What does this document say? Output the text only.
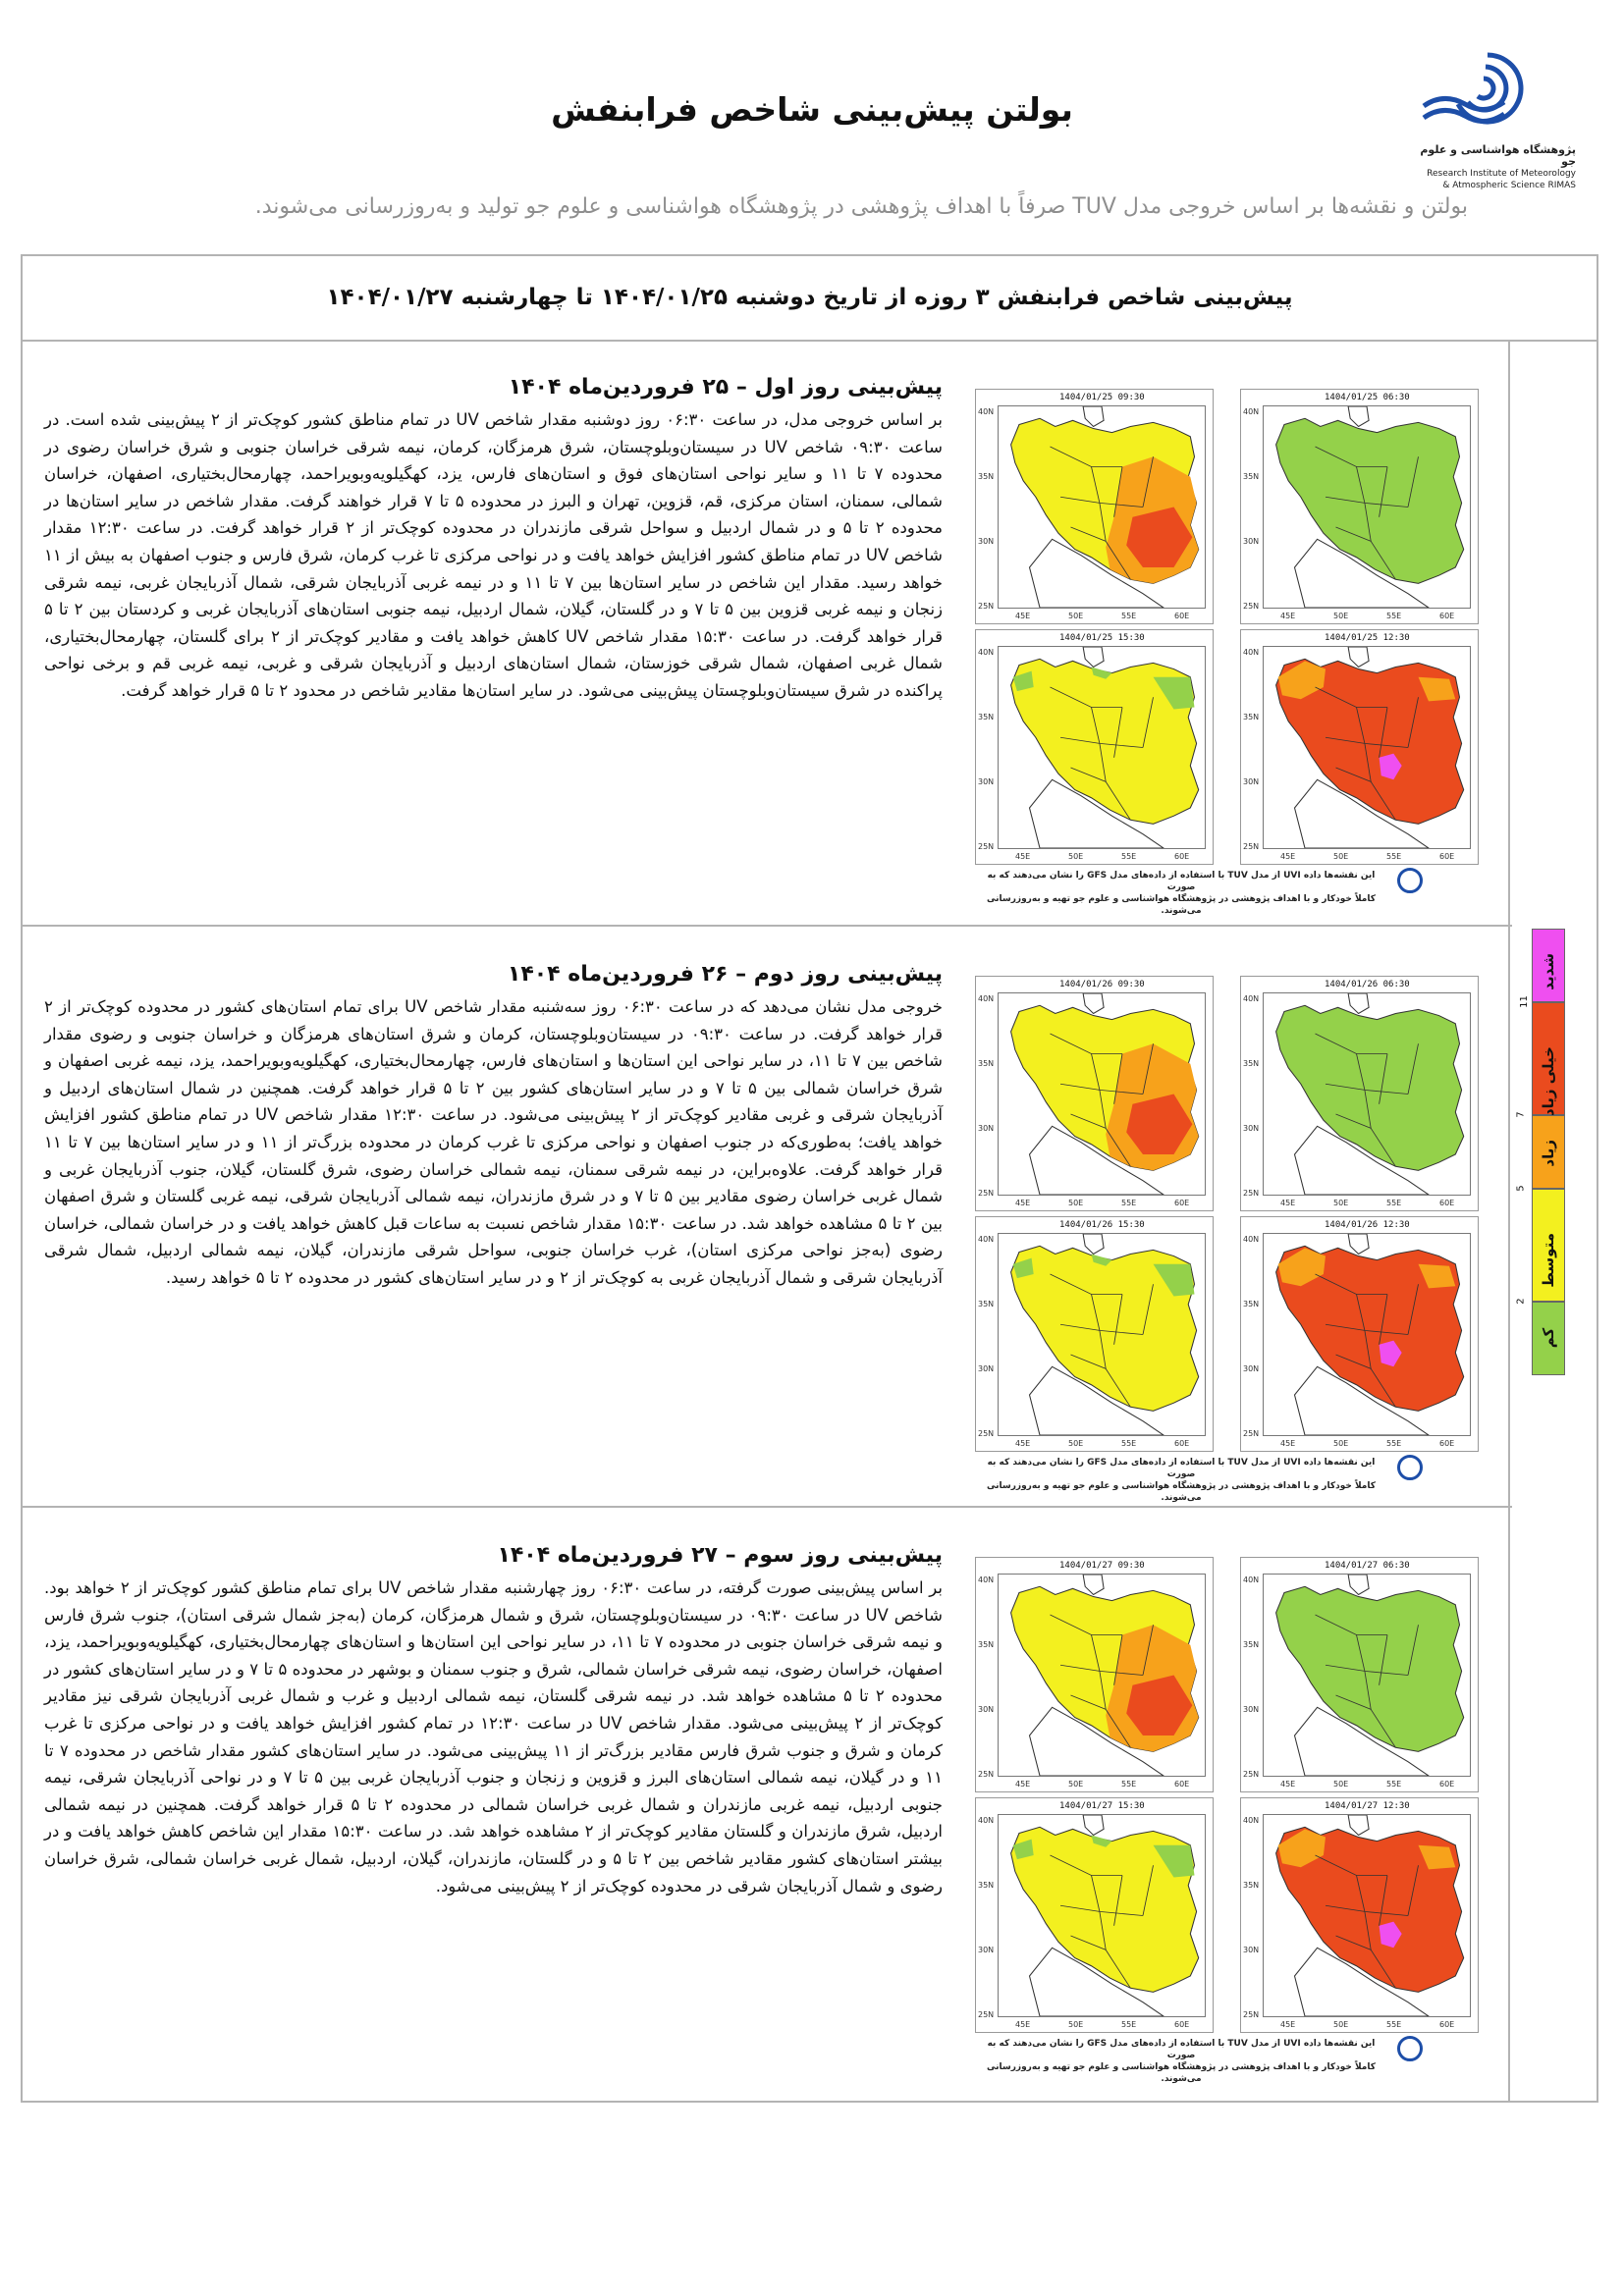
پژوهشگاه هواشناسی و علوم جو
Research Institute of Meteorology
& Atmospheric Science RIMAS
بولتن پیش‌بینی شاخص فرابنفش
بولتن و نقشه‌ها بر اساس خروجی مدل TUV صرفاً با اهداف پژوهشی در پژوهشگاه هواشناسی و علوم جو تولید و به‌روزرسانی می‌شوند.
پیش‌بینی شاخص فرابنفش ۳ روزه از تاریخ دوشنبه ۱۴۰۴/۰۱/۲۵ تا چهارشنبه ۱۴۰۴/۰۱/۲۷
پیش‌بینی روز اول – ۲۵ فروردین‌ماه ۱۴۰۴
بر اساس خروجی مدل، در ساعت ۰۶:۳۰ روز دوشنبه مقدار شاخص UV در تمام مناطق کشور کوچک‌تر از ۲ پیش‌بینی شده است. در ساعت ۰۹:۳۰ شاخص UV در سیستان‌وبلوچستان، شرق هرمزگان، کرمان، نیمه شرقی خراسان جنوبی و شرق خراسان رضوی در محدوده ۷ تا ۱۱ و سایر نواحی استان‌های فوق و استان‌های فارس، یزد، کهگیلویه‌وبویراحمد، چهارمحال‌بختیاری، اصفهان، خراسان شمالی، سمنان، استان مرکزی، قم، قزوین، تهران و البرز در محدوده ۵ تا ۷ قرار خواهند گرفت. مقدار شاخص در سایر استان‌ها در محدوده ۲ تا ۵ و در شمال اردبیل و سواحل شرقی مازندران در محدوده کوچک‌تر از ۲ قرار خواهد گرفت. در ساعت ۱۲:۳۰ مقدار شاخص UV در تمام مناطق کشور افزایش خواهد یافت و در نواحی مرکزی تا غرب کرمان، شرق فارس و جنوب اصفهان به بیش از ۱۱ خواهد رسید. مقدار این شاخص در سایر استان‌ها بین ۷ تا ۱۱ و در نیمه غربی آذربایجان شرقی، شمال آذربایجان غربی، نیمه شرقی زنجان و نیمه غربی قزوین بین ۵ تا ۷ و در گلستان، گیلان، شمال اردبیل، نیمه جنوبی استان‌های آذربایجان غربی و کردستان بین ۲ تا ۵ قرار خواهد گرفت. در ساعت ۱۵:۳۰ مقدار شاخص UV کاهش خواهد یافت و مقادیر کوچک‌تر از ۲ برای گلستان، چهارمحال‌بختیاری، شمال غربی اصفهان، شمال شرقی خوزستان، شمال استان‌های اردبیل و آذربایجان شرقی و غربی، نیمه غربی قم و برخی نواحی پراکنده در شرق سیستان‌وبلوچستان پیش‌بینی می‌شود. در سایر استان‌ها مقادیر شاخص در محدود ۲ تا ۵ قرار خواهد گرفت.
1404/01/25 06:30
40N
35N
30N
25N
45E	50E	55E	60E
1404/01/25 09:30
40N
35N
30N
25N
45E	50E	55E	60E
1404/01/25 12:30
40N
35N
30N
25N
45E	50E	55E	60E
1404/01/25 15:30
40N
35N
30N
25N
45E	50E	55E	60E
این نقشه‌ها داده UVI از مدل TUV با استفاده از داده‌های مدل GFS را نشان می‌دهند که به صورت
کاملاً خودکار و با اهداف پژوهشی در پژوهشگاه هواشناسی و علوم جو تهیه و به‌روزرسانی می‌شوند.
پیش‌بینی روز دوم – ۲۶ فروردین‌ماه ۱۴۰۴
خروجی مدل نشان می‌دهد که در ساعت ۰۶:۳۰ روز سه‌شنبه مقدار شاخص UV برای تمام استان‌های کشور در محدوده کوچک‌تر از ۲ قرار خواهد گرفت. در ساعت ۰۹:۳۰ در سیستان‌وبلوچستان، کرمان و شرق استان‌های هرمزگان و خراسان جنوبی و رضوی مقدار شاخص بین ۷ تا ۱۱، در سایر نواحی این استان‌ها و استان‌های فارس، چهارمحال‌بختیاری، کهگیلویه‌وبویراحمد، یزد، نیمه غربی اصفهان و شرق خراسان شمالی بین ۵ تا ۷ و در سایر استان‌های کشور بین ۲ تا ۵ قرار خواهد گرفت. همچنین در شمال استان‌های اردبیل و آذربایجان شرقی و غربی مقادیر کوچک‌تر از ۲ پیش‌بینی می‌شود. در ساعت ۱۲:۳۰ مقدار شاخص UV در تمام مناطق کشور افزایش خواهد یافت؛ به‌طوری‌که در جنوب اصفهان و نواحی مرکزی تا غرب کرمان در محدوده بزرگ‌تر از ۱۱ و در سایر استان‌ها بین ۷ تا ۱۱ قرار خواهد گرفت. علاوه‌براین، در نیمه شرقی سمنان، نیمه شمالی خراسان رضوی، شرق گلستان، گیلان، جنوب آذربایجان غربی و شمال غربی خراسان رضوی مقادیر بین ۵ تا ۷ و در شرق مازندران، نیمه شمالی آذربایجان شرقی، نیمه غربی گلستان و شرق اصفهان بین ۲ تا ۵ مشاهده خواهد شد. در ساعت ۱۵:۳۰ مقدار شاخص نسبت به ساعات قبل کاهش خواهد یافت و در خراسان شمالی، خراسان رضوی (به‌جز نواحی مرکزی استان)، غرب خراسان جنوبی، سواحل شرقی مازندران، گیلان، نیمه شمالی اردبیل، شمال شرقی آذربایجان شرقی و شمال آذربایجان غربی به کوچک‌تر از ۲ و در سایر استان‌های کشور در محدوده ۲ تا ۵ خواهد رسید.
1404/01/26 06:30
40N
35N
30N
25N
45E	50E	55E	60E
1404/01/26 09:30
40N
35N
30N
25N
45E	50E	55E	60E
1404/01/26 12:30
40N
35N
30N
25N
45E	50E	55E	60E
1404/01/26 15:30
40N
35N
30N
25N
45E	50E	55E	60E
این نقشه‌ها داده UVI از مدل TUV با استفاده از داده‌های مدل GFS را نشان می‌دهند که به صورت
کاملاً خودکار و با اهداف پژوهشی در پژوهشگاه هواشناسی و علوم جو تهیه و به‌روزرسانی می‌شوند.
پیش‌بینی روز سوم – ۲۷ فروردین‌ماه ۱۴۰۴
بر اساس پیش‌بینی صورت گرفته، در ساعت ۰۶:۳۰ روز چهارشنبه مقدار شاخص UV برای تمام مناطق کشور کوچک‌تر از ۲ خواهد بود. شاخص UV در ساعت ۰۹:۳۰ در سیستان‌وبلوچستان، شرق و شمال هرمزگان، کرمان (به‌جز شمال شرقی استان)، جنوب شرق فارس و نیمه شرقی خراسان جنوبی در محدوده ۷ تا ۱۱، در سایر نواحی این استان‌ها و استان‌های چهارمحال‌بختیاری، کهگیلویه‌وبویراحمد، یزد، اصفهان، خراسان رضوی، نیمه شرقی خراسان شمالی، شرق و جنوب سمنان و بوشهر در محدوده ۵ تا ۷ و در سایر استان‌های کشور در محدوده ۲ تا ۵ مشاهده خواهد شد. در نیمه شرقی گلستان، نیمه شمالی اردبیل و غرب و شمال غربی آذربایجان شرقی نیز مقادیر کوچک‌تر از ۲ پیش‌بینی می‌شود. مقدار شاخص UV در ساعت ۱۲:۳۰ در تمام کشور افزایش خواهد یافت و در نواحی مرکزی تا غرب کرمان و شرق و جنوب شرق فارس مقادیر بزرگ‌تر از ۱۱ پیش‌بینی می‌شود. در سایر استان‌های کشور مقدار شاخص در محدوده ۷ تا ۱۱ و در گیلان، نیمه شمالی استان‌های البرز و قزوین و زنجان و جنوب آذربایجان غربی بین ۵ تا ۷ و در نواحی آذربایجان شرقی، نیمه جنوبی اردبیل، نیمه غربی مازندران و شمال غربی خراسان شمالی در محدوده ۲ تا ۵ قرار خواهد گرفت. همچنین در نیمه شمالی اردبیل، شرق مازندران و گلستان مقادیر کوچک‌تر از ۲ مشاهده خواهد شد. در ساعت ۱۵:۳۰ مقدار این شاخص کاهش خواهد یافت و در بیشتر استان‌های کشور مقادیر شاخص بین ۲ تا ۵ و در گلستان، مازندران، گیلان، اردبیل، شمال غربی خراسان شمالی، شرق خراسان رضوی و شمال آذربایجان شرقی در محدوده کوچک‌تر از ۲ پیش‌بینی می‌شود.
1404/01/27 06:30
40N
35N
30N
25N
45E	50E	55E	60E
1404/01/27 09:30
40N
35N
30N
25N
45E	50E	55E	60E
1404/01/27 12:30
40N
35N
30N
25N
45E	50E	55E	60E
1404/01/27 15:30
40N
35N
30N
25N
45E	50E	55E	60E
این نقشه‌ها داده UVI از مدل TUV با استفاده از داده‌های مدل GFS را نشان می‌دهند که به صورت
کاملاً خودکار و با اهداف پژوهشی در پژوهشگاه هواشناسی و علوم جو تهیه و به‌روزرسانی می‌شوند.
شدید
11
7
زیاد
5
2
کم
